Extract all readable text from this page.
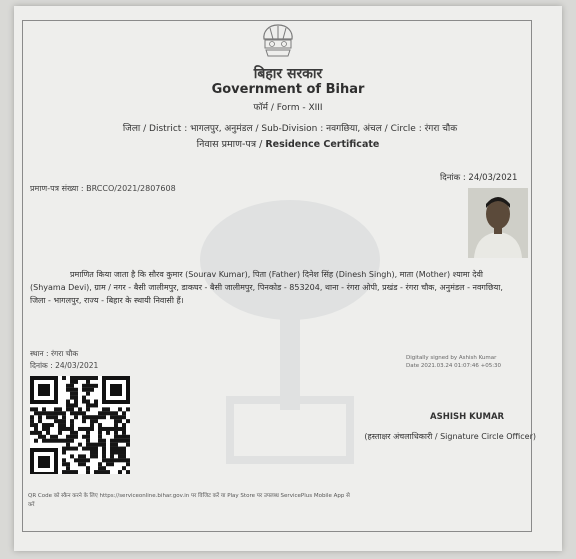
बिहार सरकार
Government of Bihar
फॉर्म / Form - XIII
जिला / District : भागलपुर, अनुमंडल / Sub-Division : नवगछिया, अंचल / Circle : रंगरा चौक
निवास प्रमाण-पत्र / Residence Certificate
प्रमाण-पत्र संख्या : BRCCO/2021/2807608
दिनांक : 24/03/2021
प्रमाणित किया जाता है कि सौरव कुमार (Sourav Kumar), पिता (Father) दिनेश सिंह (Dinesh Singh), माता (Mother) श्यामा देवी (Shyama Devi), ग्राम / नगर - बैसी जालीमपुर, डाकघर - बैसी जालीमपुर, पिनकोड - 853204, थाना - रंगरा ओपी, प्रखंड - रंगरा चौक, अनुमंडल - नवगछिया, जिला - भागलपुर, राज्य - बिहार के स्थायी निवासी हैं।
स्थान : रंगरा चौक
दिनांक : 24/03/2021
Digitally signed by Ashish Kumar
Date 2021.03.24 01:07:46 +05:30
ASHISH KUMAR
(हस्ताक्षर अंचलाधिकारी / Signature Circle Officer)
QR Code को स्कैन करने के लिए https://serviceonline.bihar.gov.in पर विजिट करें या Play Store पर उपलब्ध ServicePlus Mobile App से करें
